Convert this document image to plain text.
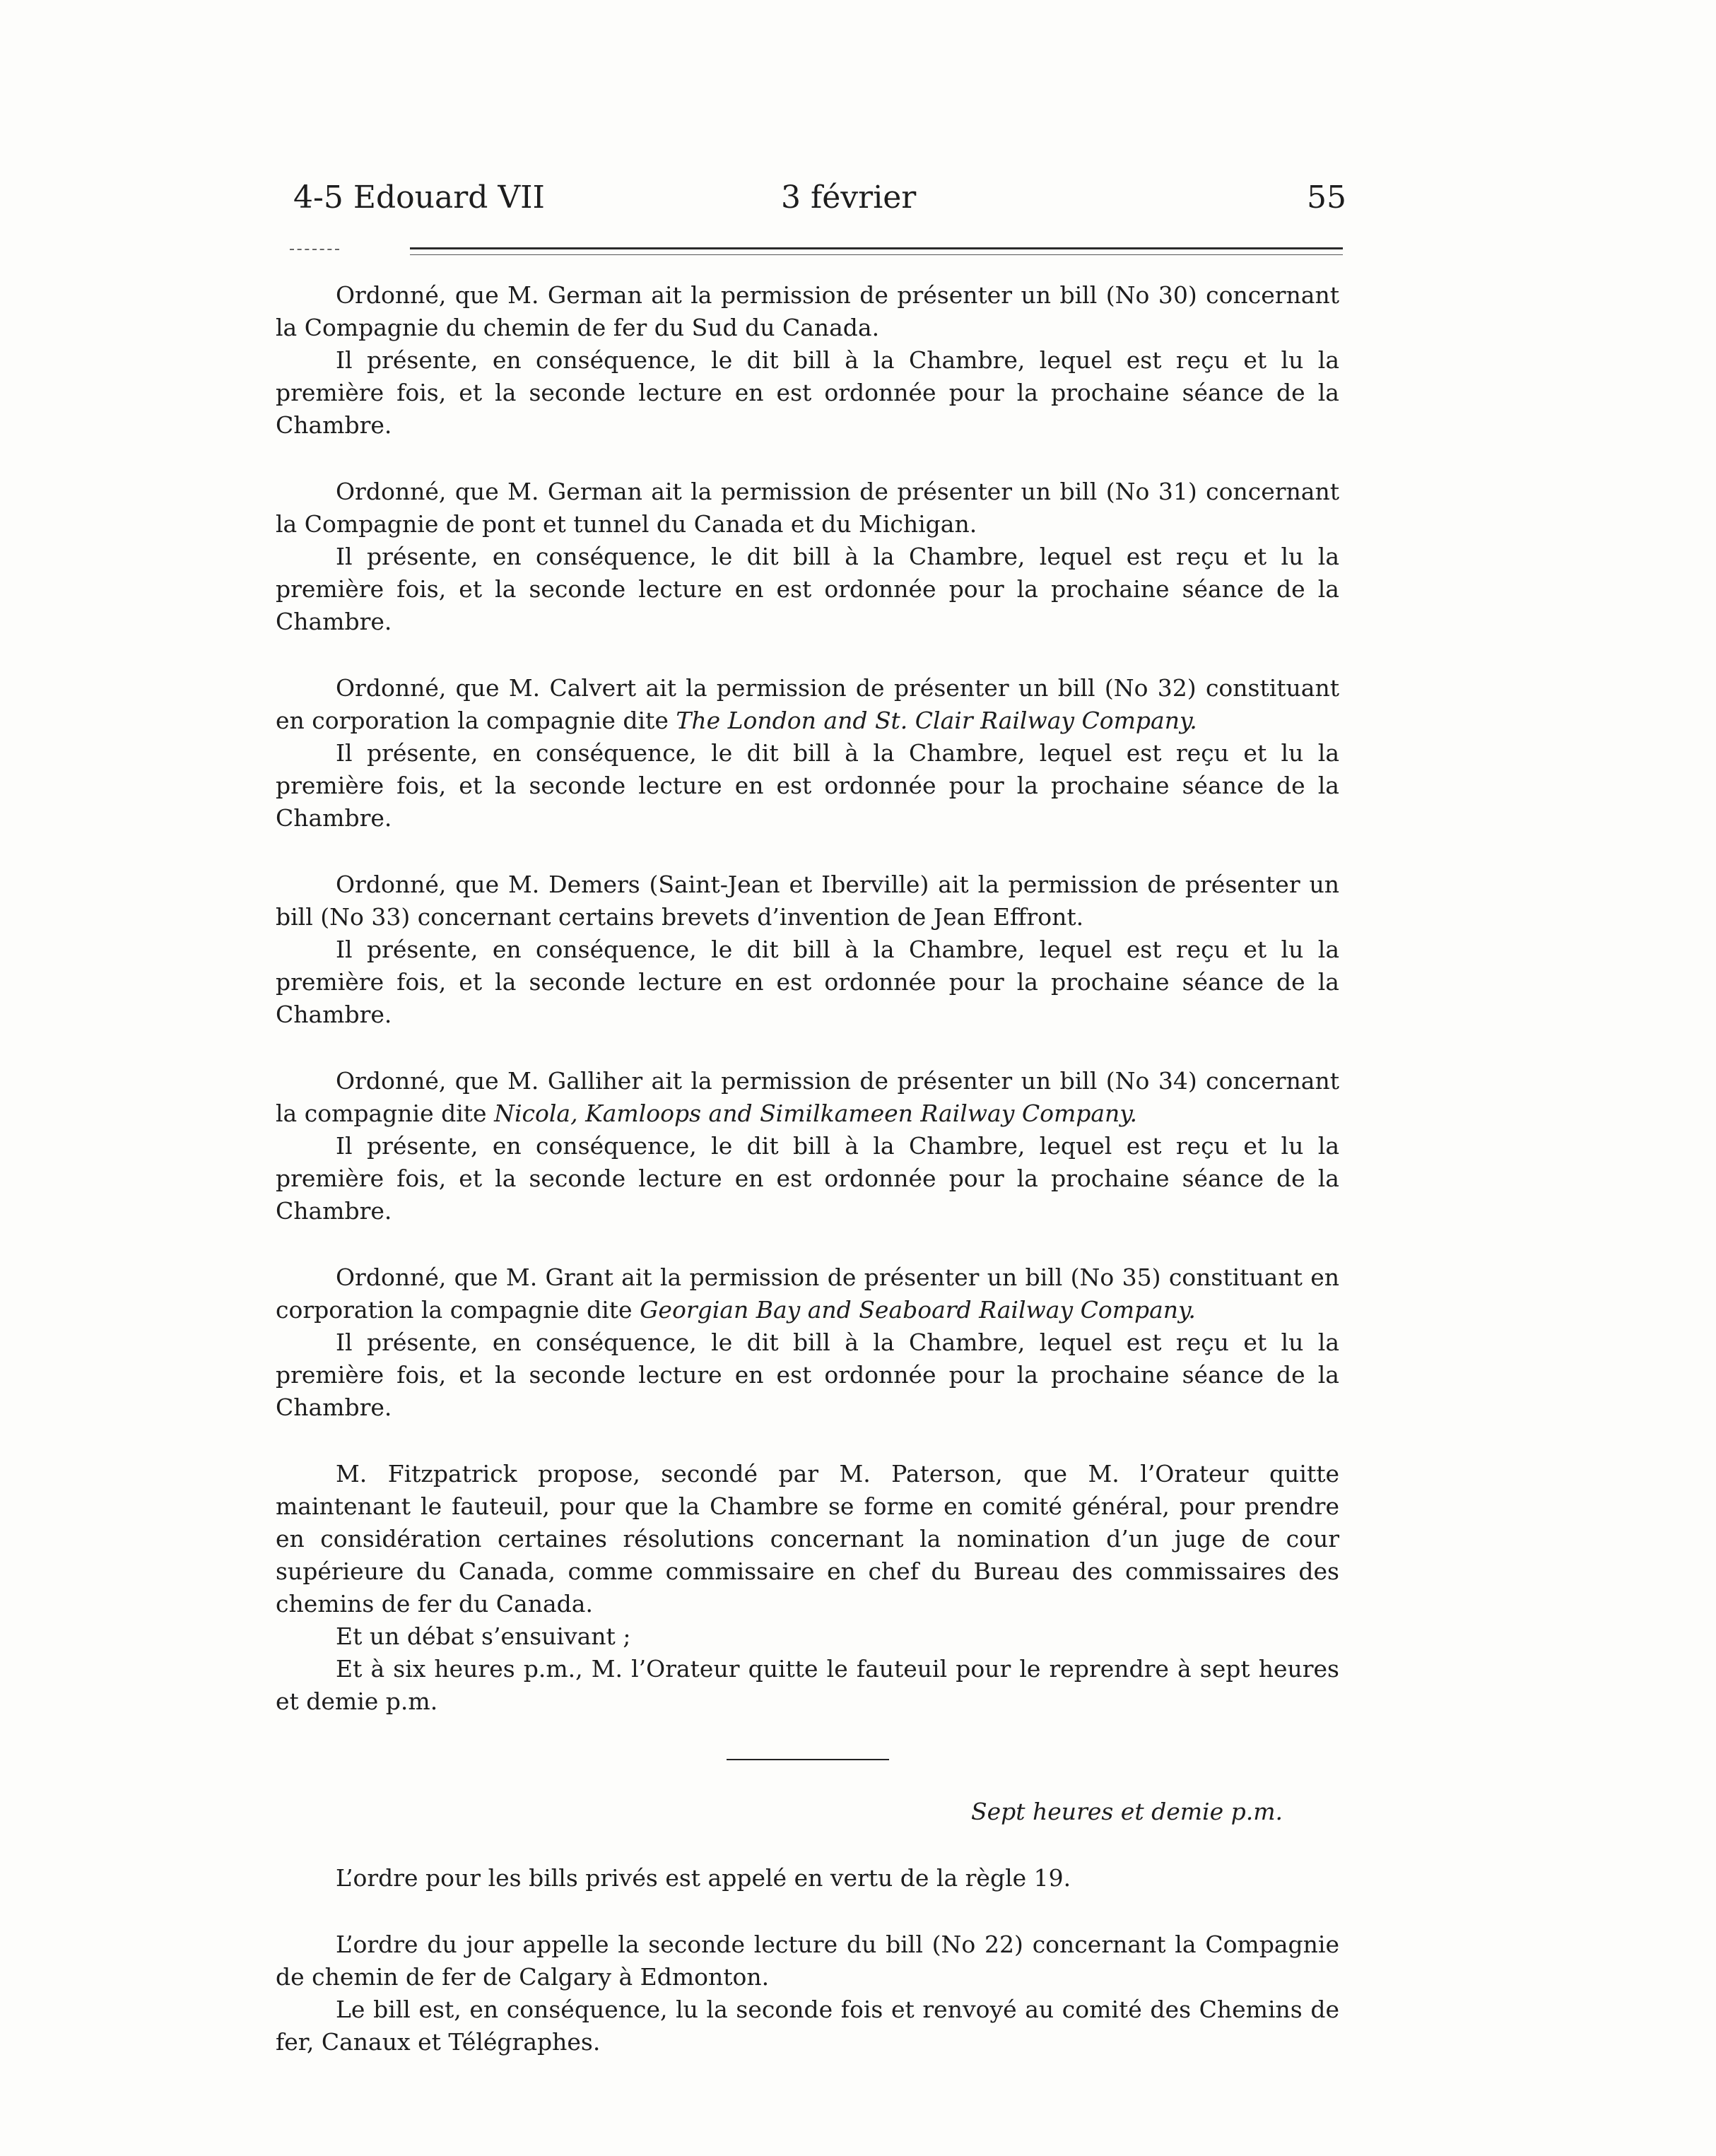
4-5 Edouard VII	3 février	55

Ordonné, que M. German ait la permission de présenter un bill (No 30) concernant la Compagnie du chemin de fer du Sud du Canada.

Il présente, en conséquence, le dit bill à la Chambre, lequel est reçu et lu la première fois, et la seconde lecture en est ordonnée pour la prochaine séance de la Chambre.

Ordonné, que M. German ait la permission de présenter un bill (No 31) concernant la Compagnie de pont et tunnel du Canada et du Michigan.

Il présente, en conséquence, le dit bill à la Chambre, lequel est reçu et lu la première fois, et la seconde lecture en est ordonnée pour la prochaine séance de la Chambre.

Ordonné, que M. Calvert ait la permission de présenter un bill (No 32) constituant en corporation la compagnie dite The London and St. Clair Railway Company.

Il présente, en conséquence, le dit bill à la Chambre, lequel est reçu et lu la première fois, et la seconde lecture en est ordonnée pour la prochaine séance de la Chambre.

Ordonné, que M. Demers (Saint-Jean et Iberville) ait la permission de présenter un bill (No 33) concernant certains brevets d’invention de Jean Effront.

Il présente, en conséquence, le dit bill à la Chambre, lequel est reçu et lu la première fois, et la seconde lecture en est ordonnée pour la prochaine séance de la Chambre.

Ordonné, que M. Galliher ait la permission de présenter un bill (No 34) concernant la compagnie dite Nicola, Kamloops and Similkameen Railway Company.

Il présente, en conséquence, le dit bill à la Chambre, lequel est reçu et lu la première fois, et la seconde lecture en est ordonnée pour la prochaine séance de la Chambre.

Ordonné, que M. Grant ait la permission de présenter un bill (No 35) constituant en corporation la compagnie dite Georgian Bay and Seaboard Railway Company.

Il présente, en conséquence, le dit bill à la Chambre, lequel est reçu et lu la première fois, et la seconde lecture en est ordonnée pour la prochaine séance de la Chambre.

M. Fitzpatrick propose, secondé par M. Paterson, que M. l’Orateur quitte maintenant le fauteuil, pour que la Chambre se forme en comité général, pour prendre en considération certaines résolutions concernant la nomination d’un juge de cour supérieure du Canada, comme commissaire en chef du Bureau des commissaires des chemins de fer du Canada.

Et un débat s’ensuivant ;

Et à six heures p.m., M. l’Orateur quitte le fauteuil pour le reprendre à sept heures et demie p.m.

Sept heures et demie p.m.

L’ordre pour les bills privés est appelé en vertu de la règle 19.

L’ordre du jour appelle la seconde lecture du bill (No 22) concernant la Compagnie de chemin de fer de Calgary à Edmonton.

Le bill est, en conséquence, lu la seconde fois et renvoyé au comité des Chemins de fer, Canaux et Télégraphes.
